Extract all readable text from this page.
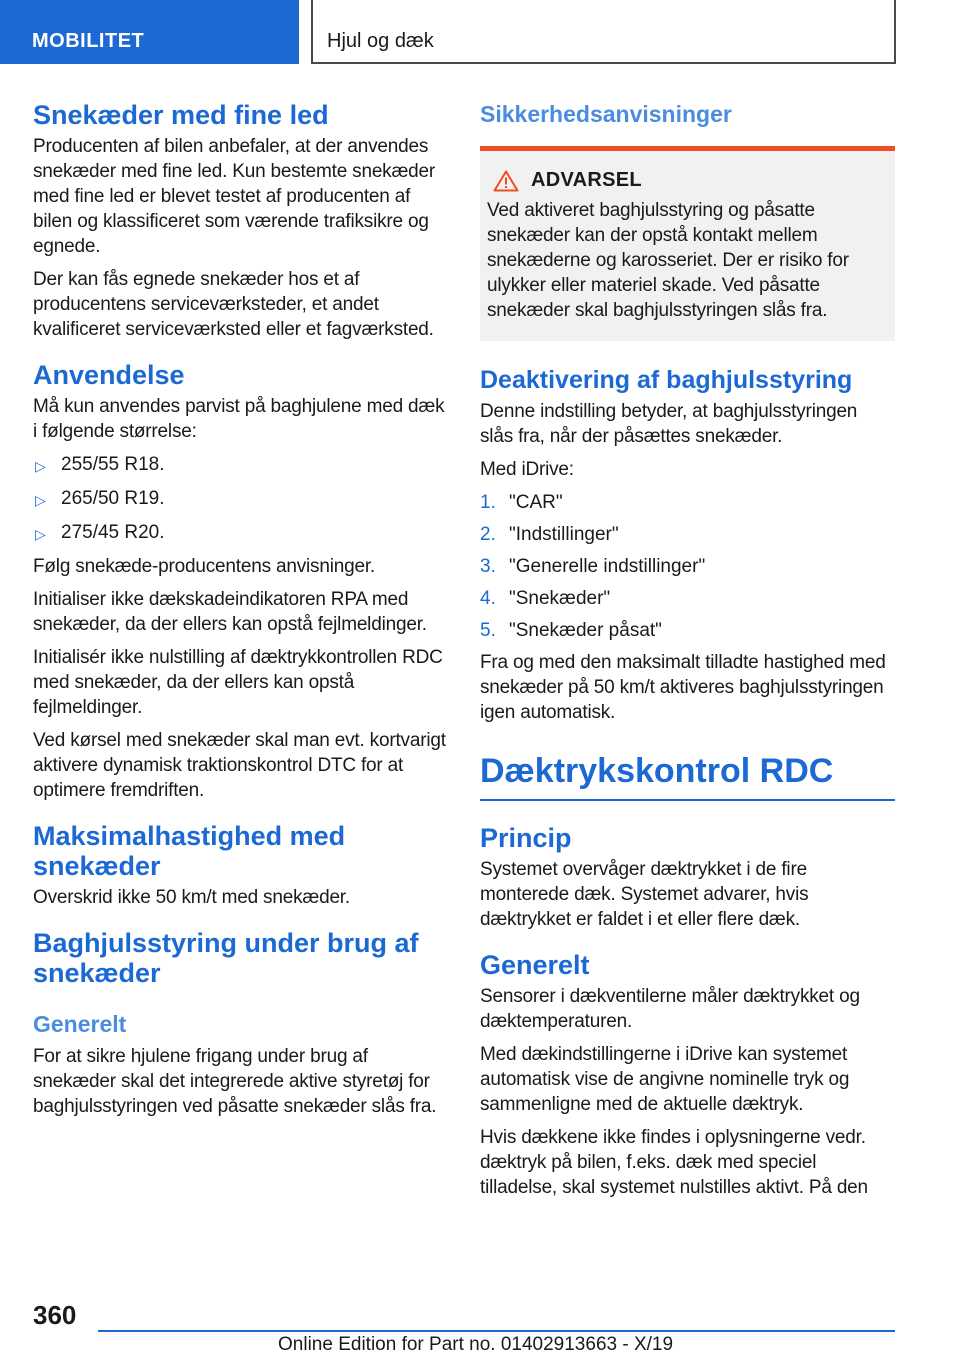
MOBILITET	Hjul og dæk
Snekæder med fine led

Producenten af bilen anbefaler, at der anvendes snekæder med fine led. Kun bestemte snekæder med fine led er blevet testet af producenten af bilen og klassificeret som værende trafiksikre og egnede.

Der kan fås egnede snekæder hos et af producentens serviceværksteder, et andet kvalificeret serviceværksted eller et fagværksted.

Anvendelse

Må kun anvendes parvist på baghjulene med dæk i følgende størrelse:

▷ 255/55 R18.
▷ 265/50 R19.
▷ 275/45 R20.

Følg snekæde-producentens anvisninger.

Initialiser ikke dækskadeindikatoren RPA med snekæder, da der ellers kan opstå fejlmeldinger.

Initialisér ikke nulstilling af dæktrykkontrollen RDC med snekæder, da der ellers kan opstå fejlmeldinger.

Ved kørsel med snekæder skal man evt. kortvarigt aktivere dynamisk traktionskontrol DTC for at optimere fremdriften.

Maksimalhastighed med snekæder

Overskrid ikke 50 km/t med snekæder.

Baghjulsstyring under brug af snekæder
Generelt

For at sikre hjulene frigang under brug af snekæder skal det integrerede aktive styretøj for baghjulsstyringen ved påsatte snekæder slås fra.

Sikkerhedsanvisninger
ADVARSEL

Ved aktiveret baghjulsstyring og påsatte snekæder kan der opstå kontakt mellem snekæderne og karosseriet. Der er risiko for ulykker eller materiel skade. Ved påsatte snekæder skal baghjulsstyringen slås fra.

Deaktivering af baghjulsstyring

Denne indstilling betyder, at baghjulsstyringen slås fra, når der påsættes snekæder.

Med iDrive:

1. "CAR"
2. "Indstillinger"
3. "Generelle indstillinger"
4. "Snekæder"
5. "Snekæder påsat"

Fra og med den maksimalt tilladte hastighed med snekæder på 50 km/t aktiveres baghjulsstyringen igen automatisk.

Dæktrykskontrol RDC
Princip

Systemet overvåger dæktrykket i de fire monterede dæk. Systemet advarer, hvis dæktrykket er faldet i et eller flere dæk.

Generelt

Sensorer i dækventilerne måler dæktrykket og dæktemperaturen.

Med dækindstillingerne i iDrive kan systemet automatisk vise de angivne nominelle tryk og sammenligne med de aktuelle dæktryk.

Hvis dækkene ikke findes i oplysningerne vedr. dæktryk på bilen, f.eks. dæk med speciel tilladelse, skal systemet nulstilles aktivt. På den

360
Online Edition for Part no. 01402913663 - X/19
